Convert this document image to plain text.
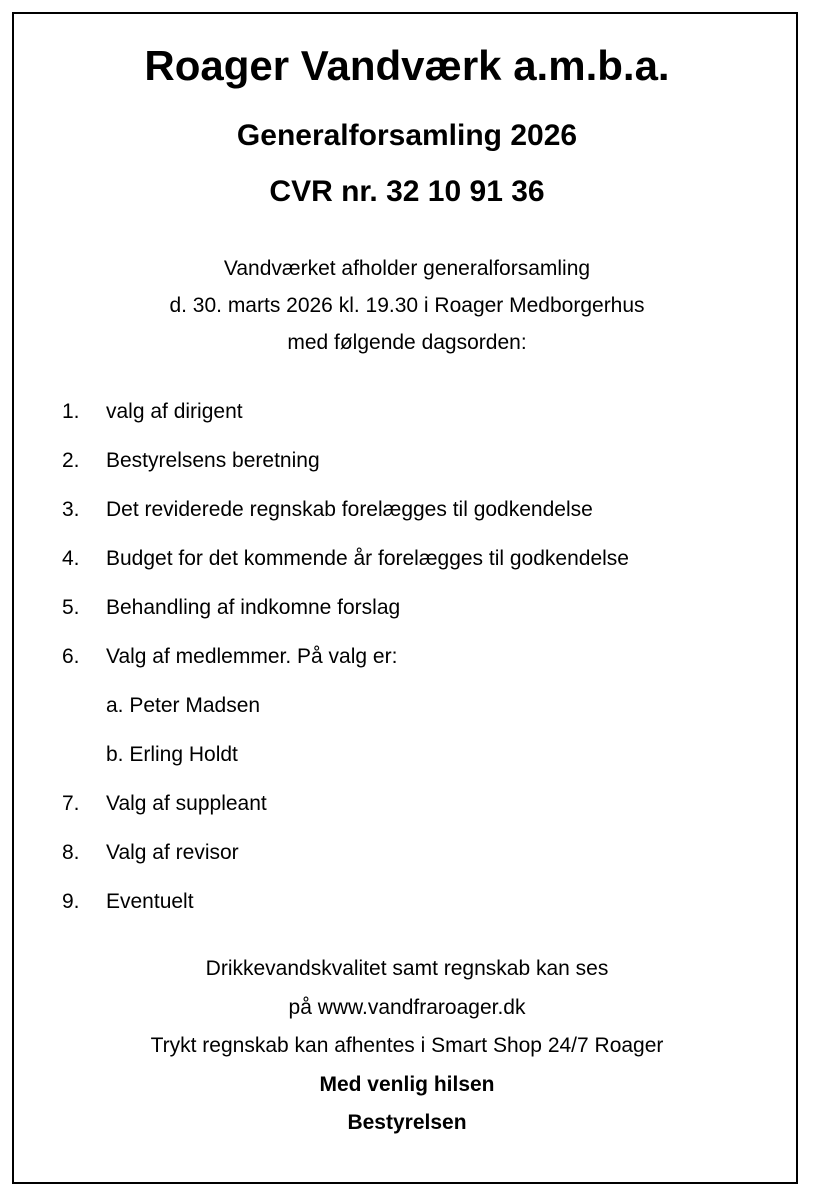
Roager Vandværk a.m.b.a.
Generalforsamling 2026
CVR nr. 32 10 91 36
Vandværket afholder generalforsamling
d. 30. marts 2026 kl. 19.30 i Roager Medborgerhus
med følgende dagsorden:
1.	valg af dirigent
2.	Bestyrelsens beretning
3.	Det reviderede regnskab forelægges til godkendelse
4.	Budget for det kommende år forelægges til godkendelse
5.	Behandling af indkomne forslag
6.	Valg af medlemmer. På valg er:
a. Peter Madsen
b. Erling Holdt
7.	Valg af suppleant
8.	Valg af revisor
9.	Eventuelt
Drikkevandskvalitet samt regnskab kan ses
på www.vandfraroager.dk
Trykt regnskab kan afhentes i Smart Shop 24/7 Roager
Med venlig hilsen
Bestyrelsen
